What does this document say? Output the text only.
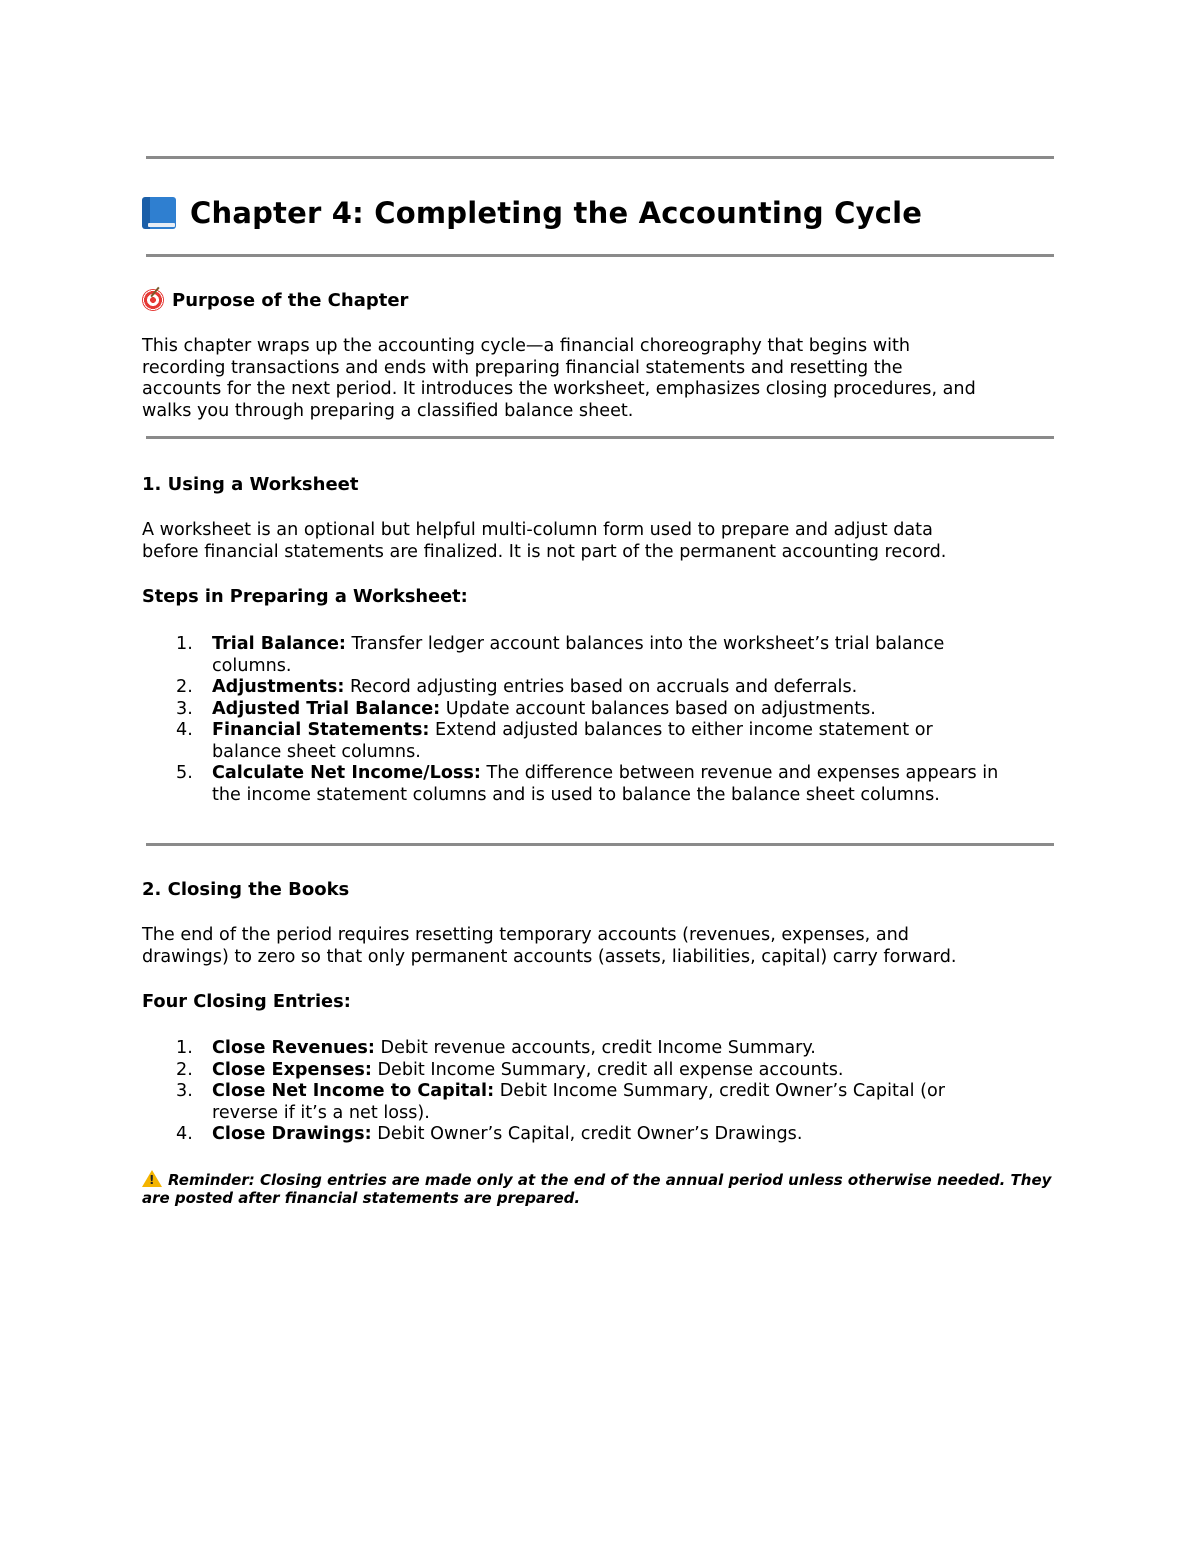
Chapter 4: Completing the Accounting Cycle
Purpose of the Chapter
This chapter wraps up the accounting cycle—a financial choreography that begins with
recording transactions and ends with preparing financial statements and resetting the
accounts for the next period. It introduces the worksheet, emphasizes closing procedures, and
walks you through preparing a classified balance sheet.
1. Using a Worksheet
A worksheet is an optional but helpful multi-column form used to prepare and adjust data
before financial statements are finalized. It is not part of the permanent accounting record.
Steps in Preparing a Worksheet:
1. Trial Balance: Transfer ledger account balances into the worksheet’s trial balance
columns.
2. Adjustments: Record adjusting entries based on accruals and deferrals.
3. Adjusted Trial Balance: Update account balances based on adjustments.
4. Financial Statements: Extend adjusted balances to either income statement or
balance sheet columns.
5. Calculate Net Income/Loss: The difference between revenue and expenses appears in
the income statement columns and is used to balance the balance sheet columns.
2. Closing the Books
The end of the period requires resetting temporary accounts (revenues, expenses, and
drawings) to zero so that only permanent accounts (assets, liabilities, capital) carry forward.
Four Closing Entries:
1. Close Revenues: Debit revenue accounts, credit Income Summary.
2. Close Expenses: Debit Income Summary, credit all expense accounts.
3. Close Net Income to Capital: Debit Income Summary, credit Owner’s Capital (or
reverse if it’s a net loss).
4. Close Drawings: Debit Owner’s Capital, credit Owner’s Drawings.
!Reminder: Closing entries are made only at the end of the annual period unless otherwise needed. They
are posted after financial statements are prepared.
